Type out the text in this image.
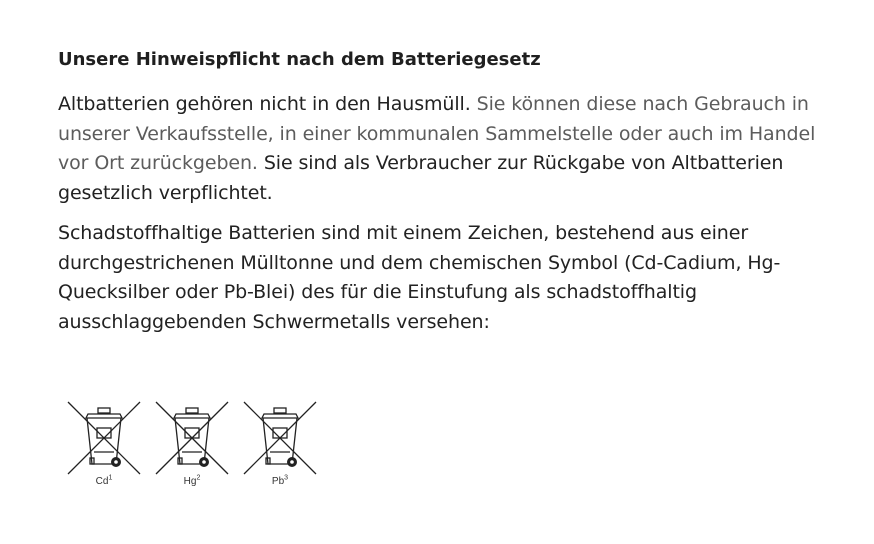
Unsere Hinweispflicht nach dem Batteriegesetz

Altbatterien gehören nicht in den Hausmüll. Sie können diese nach Gebrauch in unserer Verkaufsstelle, in einer kommunalen Sammelstelle oder auch im Handel vor Ort zurückgeben. Sie sind als Verbraucher zur Rückgabe von Altbatterien gesetzlich verpflichtet.

Schadstoffhaltige Batterien sind mit einem Zeichen, bestehend aus einer durchgestrichenen Mülltonne und dem chemischen Symbol (Cd-Cadium, Hg-Quecksilber oder Pb-Blei) des für die Einstufung als schadstoffhaltig ausschlaggebenden Schwermetalls versehen:

Cd$^1$	Hg$^2$	Pb$^3$
